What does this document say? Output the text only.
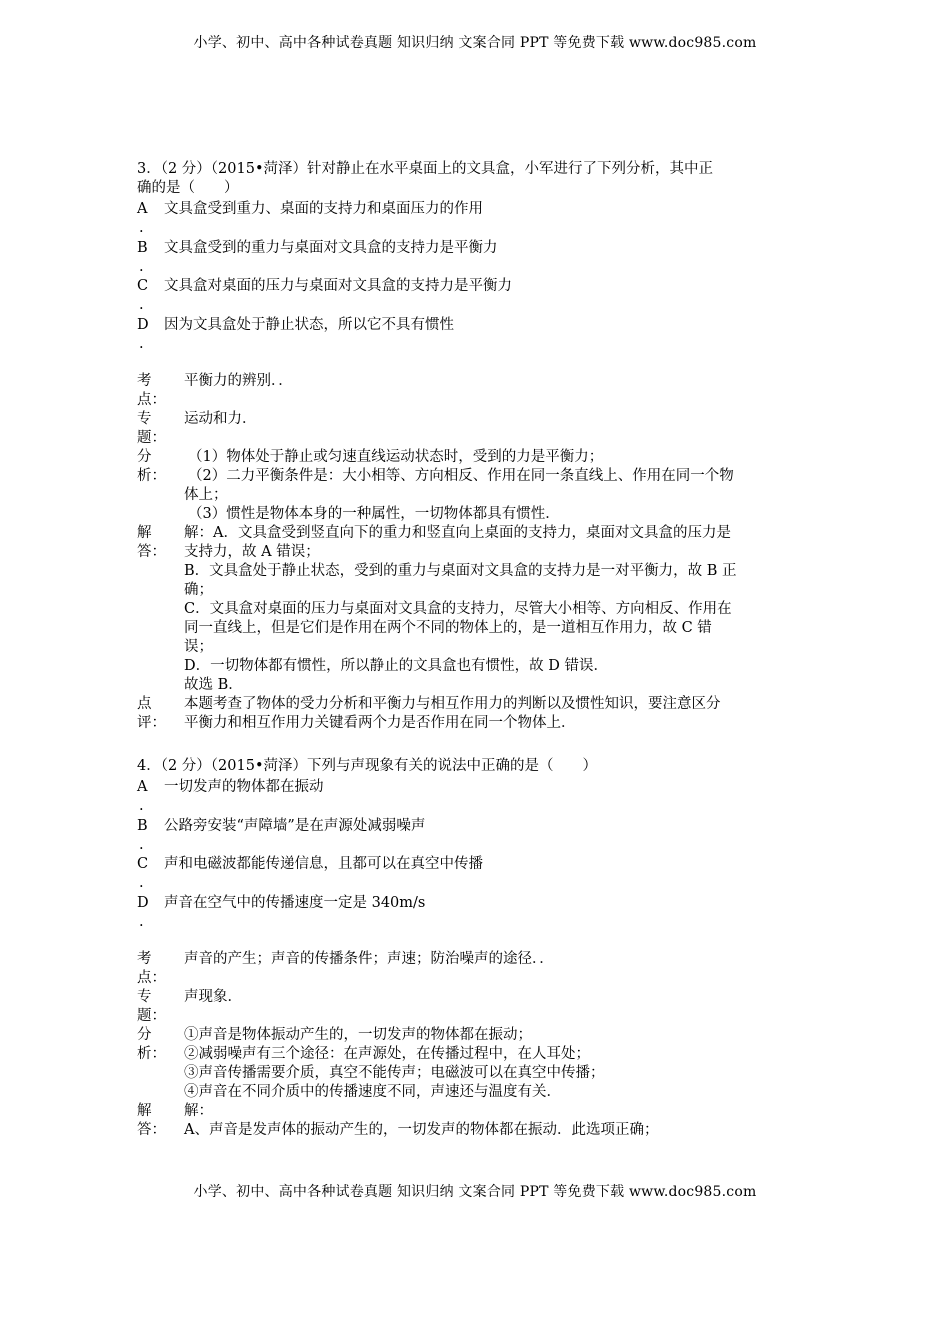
小学、初中、高中各种试卷真题 知识归纳 文案合同 PPT 等免费下载 www.doc985.com

3．（2 分）（2015•菏泽）针对静止在水平桌面上的文具盒，小军进行了下列分析，其中正

确的是（　　）

A
.
文具盒受到重力、桌面的支持力和桌面压力的作用
B
.
文具盒受到的重力与桌面对文具盒的支持力是平衡力
C
.
文具盒对桌面的压力与桌面对文具盒的支持力是平衡力
D
.
因为文具盒处于静止状态，所以它不具有惯性
考
点：
平衡力的辨别．．
专
题：
运动和力．
分
析：
（1）物体处于静止或匀速直线运动状态时，受到的力是平衡力；
（2）二力平衡条件是：大小相等、方向相反、作用在同一条直线上、作用在同一个物
体上；
（3）惯性是物体本身的一种属性，一切物体都具有惯性．
解
答：
解：A．文具盒受到竖直向下的重力和竖直向上桌面的支持力，桌面对文具盒的压力是
支持力，故 A 错误；
B．文具盒处于静止状态，受到的重力与桌面对文具盒的支持力是一对平衡力，故 B 正
确；
C．文具盒对桌面的压力与桌面对文具盒的支持力，尽管大小相等、方向相反、作用在
同一直线上，但是它们是作用在两个不同的物体上的，是一道相互作用力，故 C 错
误；
D．一切物体都有惯性，所以静止的文具盒也有惯性，故 D 错误．
故选 B．
点
评：
本题考查了物体的受力分析和平衡力与相互作用力的判断以及惯性知识，要注意区分
平衡力和相互作用力关键看两个力是否作用在同一个物体上．

4．（2 分）（2015•菏泽）下列与声现象有关的说法中正确的是（　　）

A
.
一切发声的物体都在振动
B
.
公路旁安装“声障墙”是在声源处减弱噪声
C
.
声和电磁波都能传递信息，且都可以在真空中传播
D
.
声音在空气中的传播速度一定是 340m/s
考
点：
声音的产生；声音的传播条件；声速；防治噪声的途径．．
专
题：
声现象．
分
析：
①声音是物体振动产生的，一切发声的物体都在振动；
②减弱噪声有三个途径：在声源处，在传播过程中，在人耳处；
③声音传播需要介质，真空不能传声；电磁波可以在真空中传播；
④声音在不同介质中的传播速度不同，声速还与温度有关．
解
答：
解：
A、声音是发声体的振动产生的，一切发声的物体都在振动．此选项正确；
小学、初中、高中各种试卷真题 知识归纳 文案合同 PPT 等免费下载 www.doc985.com
